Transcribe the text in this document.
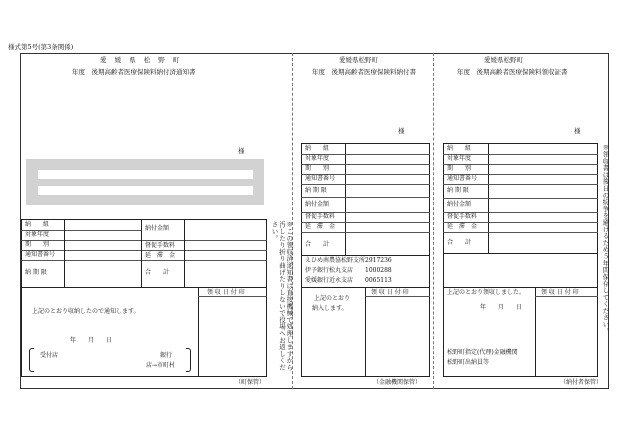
様式第5号(第3条関係)
愛 媛 県 松 野 町
年度　後期高齢者医療保険料納付済通知書
様
納　　組
対象年度
期　　別
通知書番号
納 期 限
納付金額
督促手数料
延　滞　金
合　　計
領 収 日 付 印
上記のとおり収納したので通知します。
年　　月　　日
受付店	銀行
店→市町村
（町保管）
※この領収済通知書は直接機械で処理しますから汚したり折り曲げたりしないで役場へお返しください。
愛媛県松野町
年度　後期高齢者医療保険料納付書
様
納　　組
対象年度
期　　別
通知書番号
納 期 限
納付金額
督促手数料
延　滞　金
合　　計
えひめ南農協松野支所2917236
伊予銀行松丸支店　　1000288
愛媛銀行近永支店　　0065113
上記のとおり
納入します。
領 収 日 付 印
（金融機関保管）
愛媛県松野町
年度　後期高齢者医療保険料領収証書
様
納　　組
対象年度
期　　別
通知書番号
納 期 限
納付金額
督促手数料
延　滞　金
合　　計
上記のとおり領収しました。	領 収 日 付 印
年　　月　　日
松野町指定(代理)金融機関
松野町出納員等
（納付者保管）
※領収書は後日の紛争を避けるため５年間保存してください。
